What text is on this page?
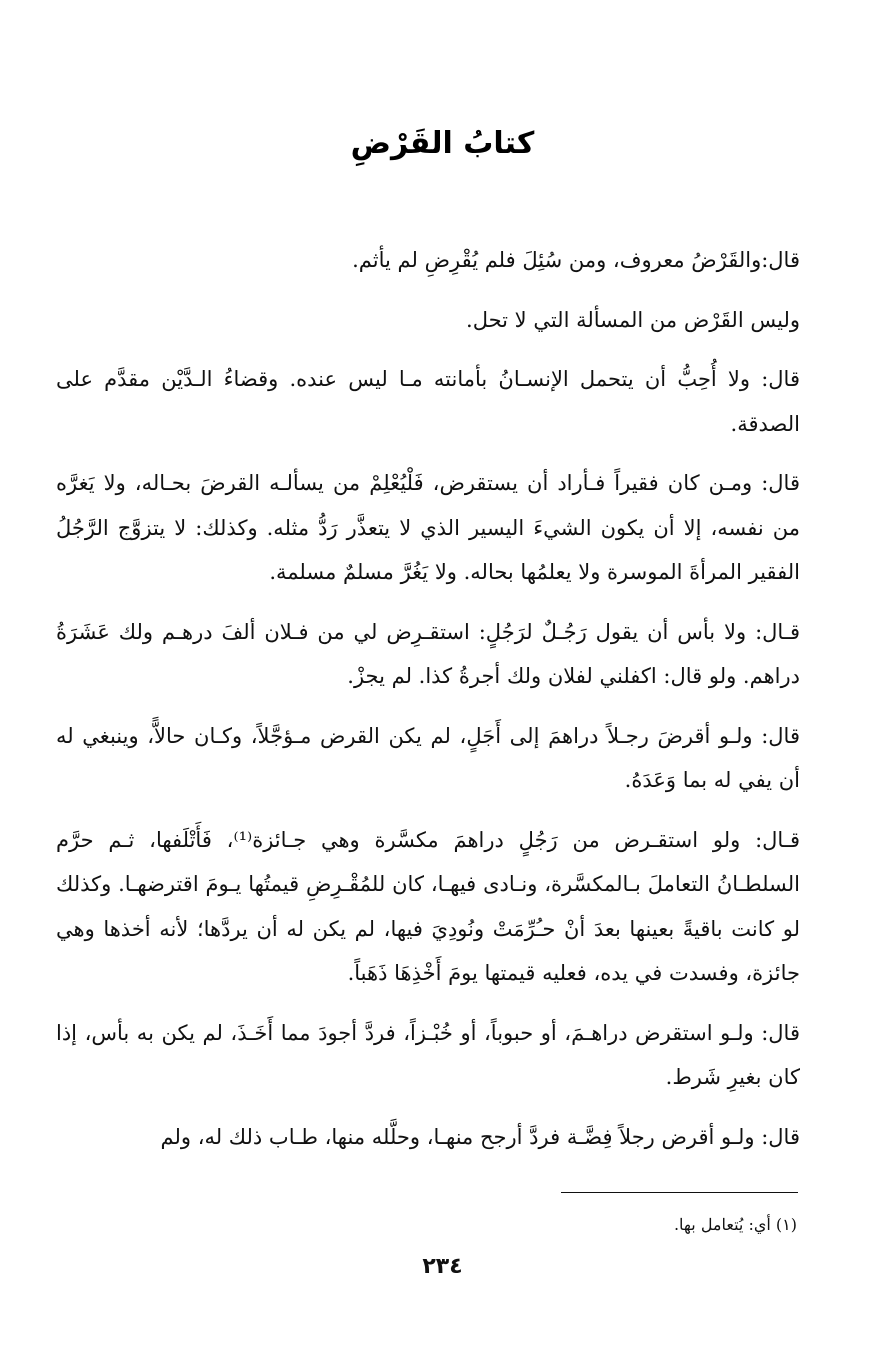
كتابُ القَرْضِ

قال:والقَرْضُ معروف، ومن سُئِلَ فلم يُقْرِضِ لم يأثم.

وليس القَرْض من المسألة التي لا تحل.

قال: ولا أُحِبُّ أن يتحمل الإنسـانُ بأمانته مـا ليس عنده. وقضاءُ الـدَّيْن مقدَّم على الصدقة.

قال: ومـن كان فقيراً فـأراد أن يستقرض، فَلْيُعْلِمْ من يسألـه القرضَ بحـاله، ولا يَغرَّه من نفسه، إلا أن يكون الشيءَ اليسير الذي لا يتعذَّر رَدُّ مثله. وكذلك: لا يتزوَّج الرَّجُلُ الفقير المرأةَ الموسرة ولا يعلمُها بحاله. ولا يَغُرَّ مسلمٌ مسلمة.

قـال: ولا بأس أن يقول رَجُـلٌ لرَجُلٍ: استقـرِض لي من فـلان ألفَ درهـم ولك عَشَرَةُ دراهم. ولو قال: اكفلني لفلان ولك أجرةُ كذا. لم يجزْ.

قال: ولـو أقرضَ رجـلاً دراهمَ إلى أَجَلٍ، لم يكن القرض مـؤجَّلاً، وكـان حالاًّ، وينبغي له أن يفي له بما وَعَدَهُ.

قـال: ولو استقـرض من رَجُلٍ دراهمَ مكسَّرة وهي جـائزة⁽¹⁾، فَأَتْلَفها، ثـم حرَّم السلطـانُ التعاملَ بـالمكسَّرة، ونـادى فيهـا، كان للمُقْـرِضِ قيمتُها يـومَ اقترضهـا. وكذلك لو كانت باقيةً بعينها بعدَ أنْ حـُرِّمَتْ ونُودِيَ فيها، لم يكن له أن يردَّها؛ لأنه أخذها وهي جائزة، وفسدت في يده، فعليه قيمتها يومَ أَخْذِهَا ذَهَباً.

قال: ولـو استقرض دراهـمَ، أو حبوباً، أو خُبْـزاً، فردَّ أجودَ مما أَخَـذَ، لم يكن به بأس، إذا كان بغيرِ شَرط.

قال: ولـو أقرض رجلاً فِضَّـة فردَّ أرجح منهـا، وحلَّله منها، طـاب ذلك له، ولم

(١) أي: يُتعامل بها.
٢٣٤
